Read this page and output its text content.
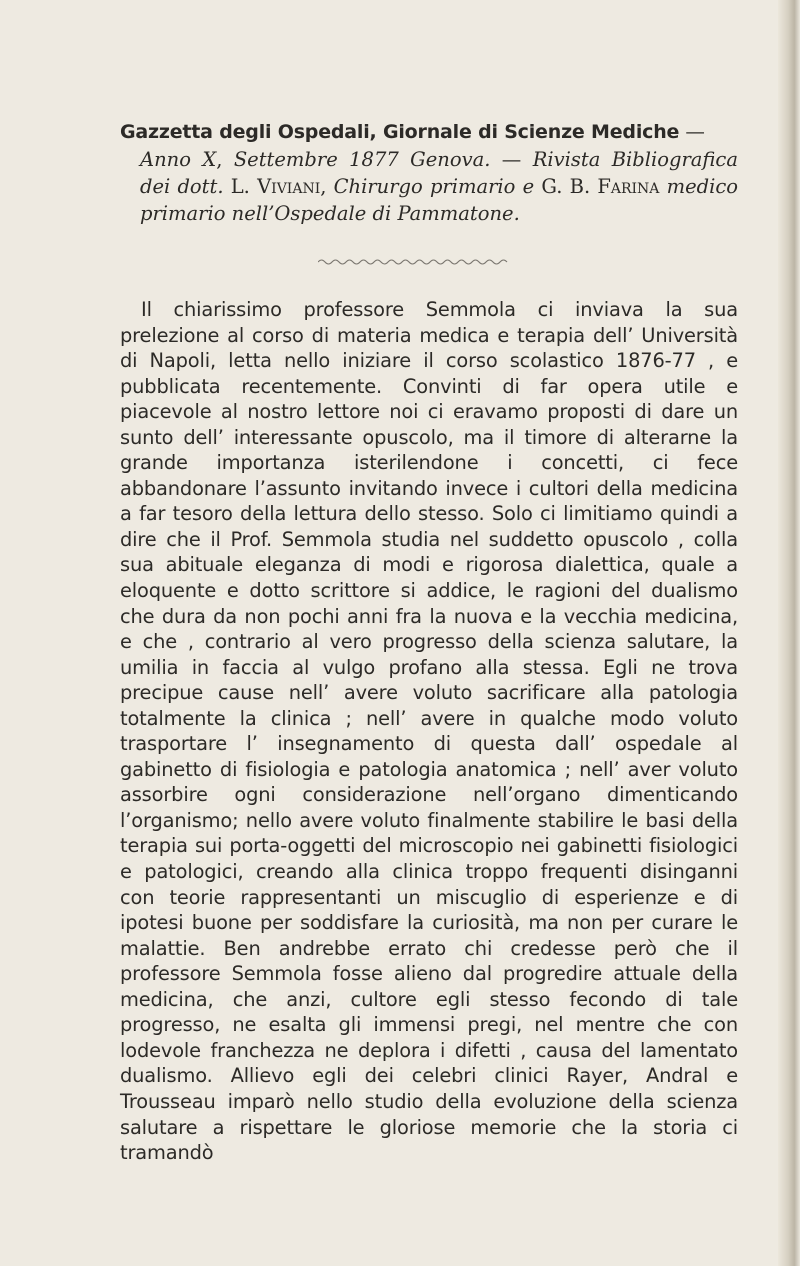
Gazzetta degli Ospedali, Giornale di Scienze Mediche —
Anno X, Settembre 1877 Genova. — Rivista Bibliografica dei dott. L. Viviani, Chirurgo primario e G. B. Farina medico primario nell’Ospedale di Pammatone.

Il chiarissimo professore Semmola ci inviava la sua prelezione al corso di materia medica e terapia dell’ Università di Napoli, letta nello iniziare il corso scolastico 1876-77 , e pubblicata recentemente. Convinti di far opera utile e piacevole al nostro lettore noi ci eravamo proposti di dare un sunto dell’ interessante opuscolo, ma il timore di alterarne la grande importanza isterilendone i concetti, ci fece abbandonare l’assunto invitando invece i cultori della medicina a far tesoro della lettura dello stesso. Solo ci limitiamo quindi a dire che il Prof. Semmola studia nel suddetto opuscolo , colla sua abituale eleganza di modi e rigorosa dialettica, quale a eloquente e dotto scrittore si addice, le ragioni del dualismo che dura da non pochi anni fra la nuova e la vecchia medicina, e che , contrario al vero progresso della scienza salutare, la umilia in faccia al vulgo profano alla stessa. Egli ne trova precipue cause nell’ avere voluto sacrificare alla patologia totalmente la clinica ; nell’ avere in qualche modo voluto trasportare l’ insegnamento di questa dall’ ospedale al gabinetto di fisiologia e patologia anatomica ; nell’ aver voluto assorbire ogni considerazione nell’organo dimenticando l’organismo; nello avere voluto finalmente stabilire le basi della terapia sui porta-oggetti del microscopio nei gabinetti fisiologici e patologici, creando alla clinica troppo frequenti disinganni con teorie rappresentanti un miscuglio di esperienze e di ipotesi buone per soddisfare la curiosità, ma non per curare le malattie. Ben andrebbe errato chi credesse però che il professore Semmola fosse alieno dal progredire attuale della medicina, che anzi, cultore egli stesso fecondo di tale progresso, ne esalta gli immensi pregi, nel mentre che con lodevole franchezza ne deplora i difetti , causa del lamentato dualismo. Allievo egli dei celebri clinici Rayer, Andral e Trousseau imparò nello studio della evoluzione della scienza salutare a rispettare le gloriose memorie che la storia ci tramandò
